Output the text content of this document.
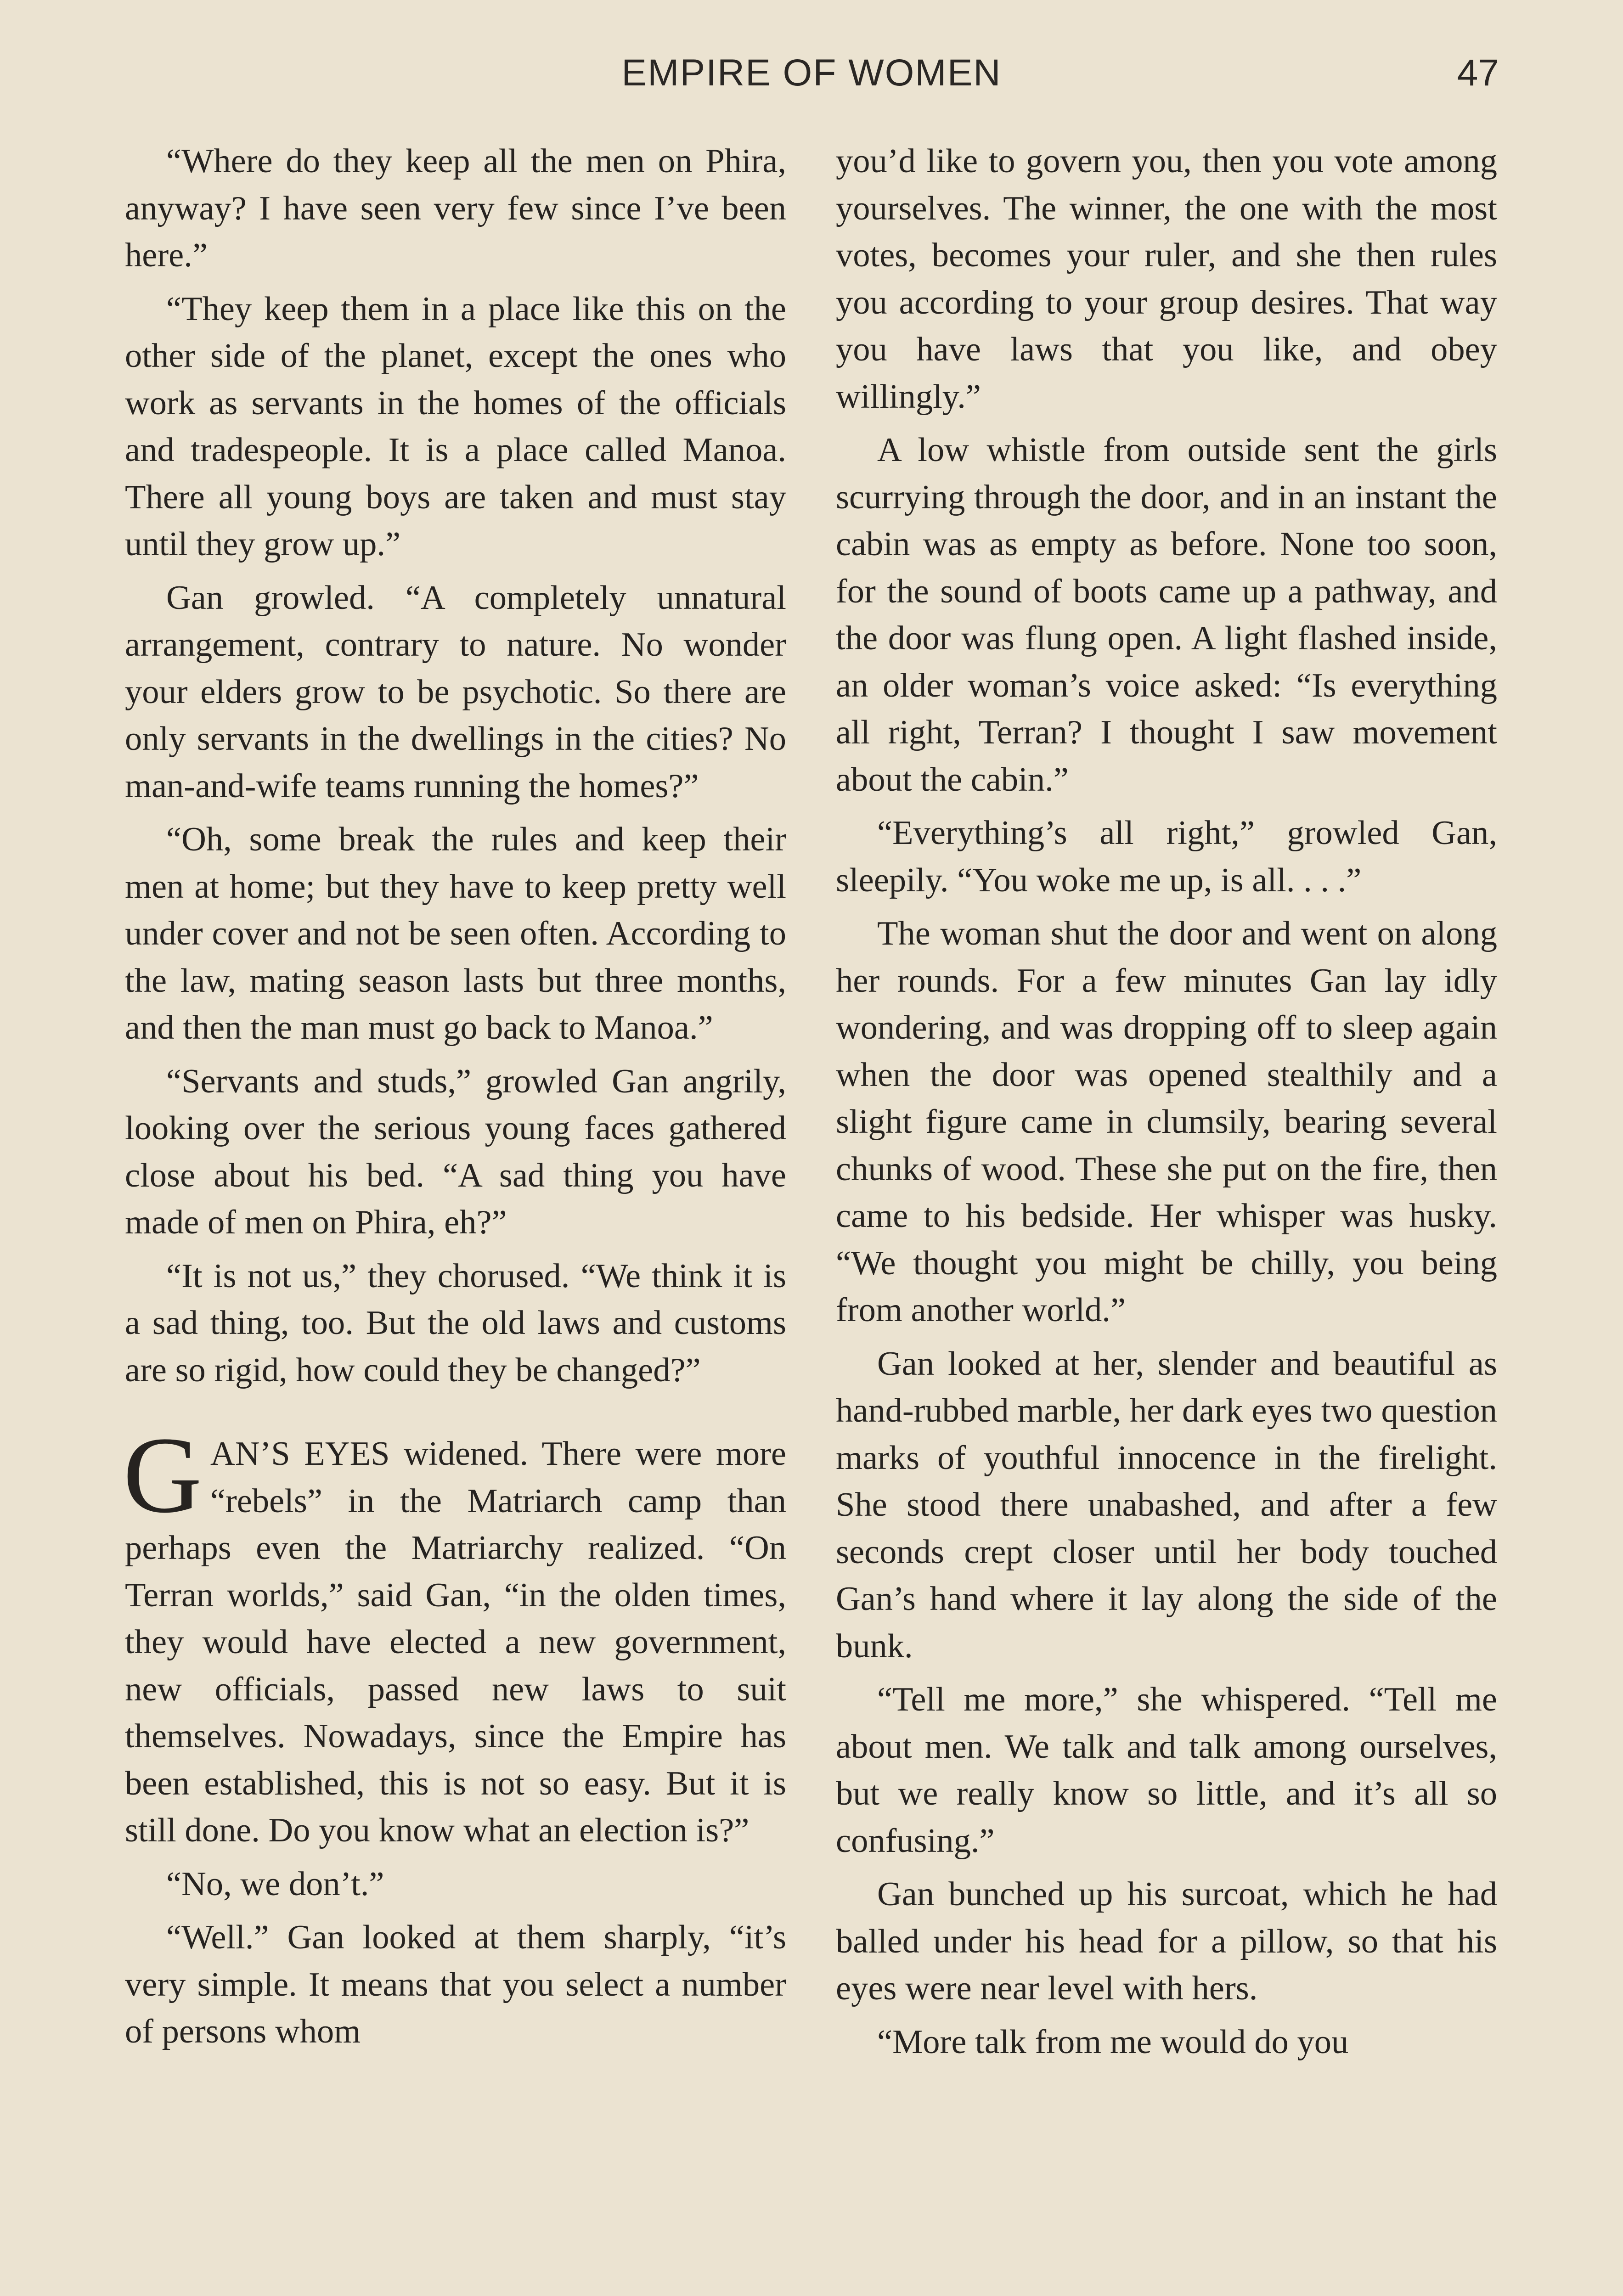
EMPIRE OF WOMEN	47

“Where do they keep all the men on Phira, anyway? I have seen very few since I’ve been here.”

“They keep them in a place like this on the other side of the planet, except the ones who work as servants in the homes of the officials and tradespeople. It is a place called Manoa. There all young boys are taken and must stay until they grow up.”

Gan growled. “A completely unnatural arrangement, contrary to nature. No wonder your elders grow to be psychotic. So there are only servants in the dwellings in the cities? No man-and-wife teams running the homes?”

“Oh, some break the rules and keep their men at home; but they have to keep pretty well under cover and not be seen often. According to the law, mating season lasts but three months, and then the man must go back to Manoa.”

“Servants and studs,” growled Gan angrily, looking over the serious young faces gathered close about his bed. “A sad thing you have made of men on Phira, eh?”

“It is not us,” they chorused. “We think it is a sad thing, too. But the old laws and customs are so rigid, how could they be changed?”

GAN’S EYES widened. There were more “rebels” in the Matriarch camp than perhaps even the Matriarchy realized. “On Terran worlds,” said Gan, “in the olden times, they would have elected a new government, new officials, passed new laws to suit themselves. Nowadays, since the Empire has been established, this is not so easy. But it is still done. Do you know what an election is?”

“No, we don’t.”

“Well.” Gan looked at them sharply, “it’s very simple. It means that you select a number of persons whom

you’d like to govern you, then you vote among yourselves. The winner, the one with the most votes, becomes your ruler, and she then rules you according to your group desires. That way you have laws that you like, and obey willingly.”

A low whistle from outside sent the girls scurrying through the door, and in an instant the cabin was as empty as before. None too soon, for the sound of boots came up a pathway, and the door was flung open. A light flashed inside, an older woman’s voice asked: “Is everything all right, Terran? I thought I saw movement about the cabin.”

“Everything’s all right,” growled Gan, sleepily. “You woke me up, is all. . . .”

The woman shut the door and went on along her rounds. For a few minutes Gan lay idly wondering, and was dropping off to sleep again when the door was opened stealthily and a slight figure came in clumsily, bearing several chunks of wood. These she put on the fire, then came to his bedside. Her whisper was husky. “We thought you might be chilly, you being from another world.”

Gan looked at her, slender and beautiful as hand-rubbed marble, her dark eyes two question marks of youthful innocence in the firelight. She stood there unabashed, and after a few seconds crept closer until her body touched Gan’s hand where it lay along the side of the bunk.

“Tell me more,” she whispered. “Tell me about men. We talk and talk among ourselves, but we really know so little, and it’s all so confusing.”

Gan bunched up his surcoat, which he had balled under his head for a pillow, so that his eyes were near level with hers.

“More talk from me would do you
